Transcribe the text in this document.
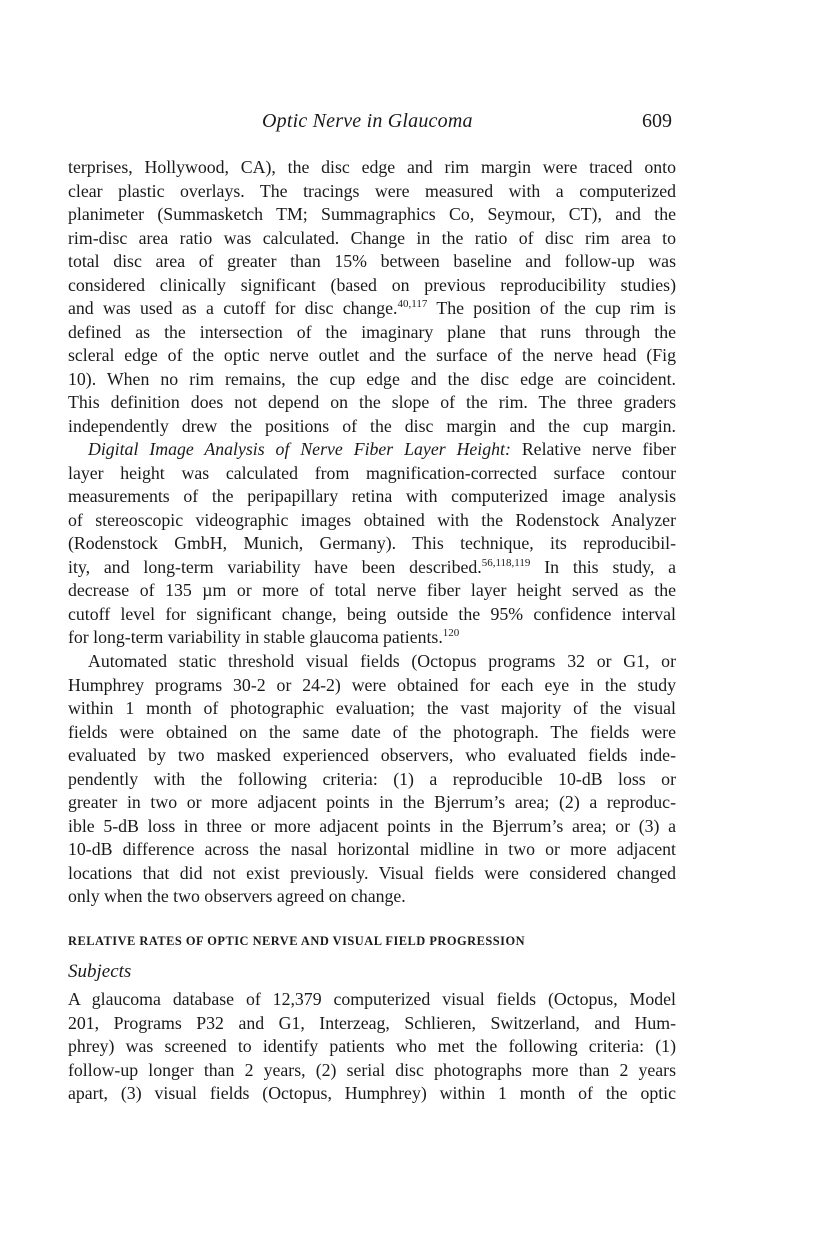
Optic Nerve in Glaucoma	609

terprises, Hollywood, CA), the disc edge and rim margin were traced onto
clear plastic overlays. The tracings were measured with a computerized
planimeter (Summasketch TM; Summagraphics Co, Seymour, CT), and the
rim-disc area ratio was calculated. Change in the ratio of disc rim area to
total disc area of greater than 15% between baseline and follow-up was
considered clinically significant (based on previous reproducibility studies)
and was used as a cutoff for disc change.$^{40,117}$ The position of the cup rim is
defined as the intersection of the imaginary plane that runs through the
scleral edge of the optic nerve outlet and the surface of the nerve head (Fig
10). When no rim remains, the cup edge and the disc edge are coincident.
This definition does not depend on the slope of the rim. The three graders
independently drew the positions of the disc margin and the cup margin.

Digital Image Analysis of Nerve Fiber Layer Height: Relative nerve fiber
layer height was calculated from magnification-corrected surface contour
measurements of the peripapillary retina with computerized image analysis
of stereoscopic videographic images obtained with the Rodenstock Analyzer
(Rodenstock GmbH, Munich, Germany). This technique, its reproducibil-
ity, and long-term variability have been described.$^{56,118,119}$ In this study, a
decrease of 135 µm or more of total nerve fiber layer height served as the
cutoff level for significant change, being outside the 95% confidence interval
for long-term variability in stable glaucoma patients.$^{120}$

Automated static threshold visual fields (Octopus programs 32 or G1, or
Humphrey programs 30-2 or 24-2) were obtained for each eye in the study
within 1 month of photographic evaluation; the vast majority of the visual
fields were obtained on the same date of the photograph. The fields were
evaluated by two masked experienced observers, who evaluated fields inde-
pendently with the following criteria: (1) a reproducible 10-dB loss or
greater in two or more adjacent points in the Bjerrum’s area; (2) a reproduc-
ible 5-dB loss in three or more adjacent points in the Bjerrum’s area; or (3) a
10-dB difference across the nasal horizontal midline in two or more adjacent
locations that did not exist previously. Visual fields were considered changed
only when the two observers agreed on change.

RELATIVE RATES OF OPTIC NERVE AND VISUAL FIELD PROGRESSION
Subjects

A glaucoma database of 12,379 computerized visual fields (Octopus, Model
201, Programs P32 and G1, Interzeag, Schlieren, Switzerland, and Hum-
phrey) was screened to identify patients who met the following criteria: (1)
follow-up longer than 2 years, (2) serial disc photographs more than 2 years
apart, (3) visual fields (Octopus, Humphrey) within 1 month of the optic
